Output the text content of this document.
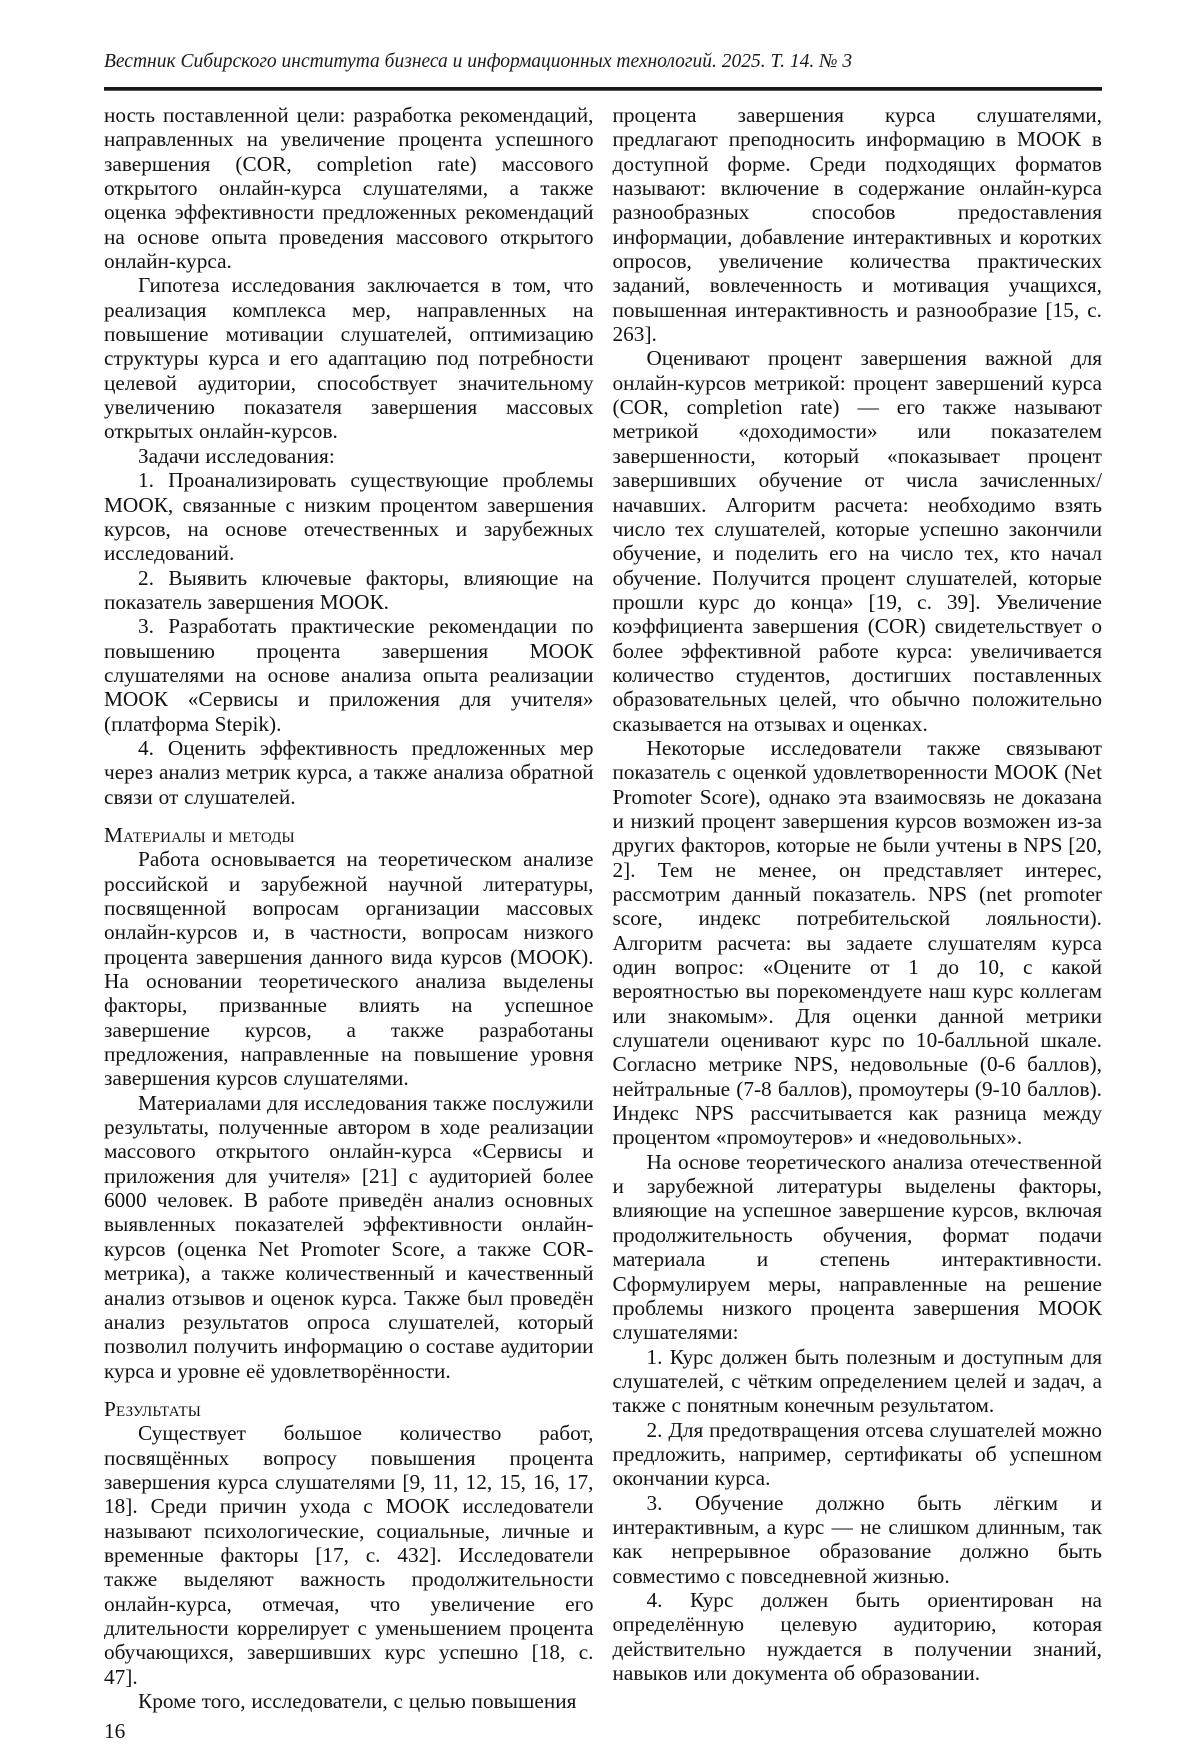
Вестник Сибирского института бизнеса и информационных технологий. 2025. Т. 14. № 3

ность поставленной цели: разработка рекомендаций, направленных на увеличение процента успешного завершения (COR, completion rate) массового открытого онлайн-курса слушателями, а также оценка эффективности предложенных рекомендаций на основе опыта проведения массового открытого онлайн-курса.

Гипотеза исследования заключается в том, что реализация комплекса мер, направленных на повышение мотивации слушателей, оптимизацию структуры курса и его адаптацию под потребности целевой аудитории, способствует значительному увеличению показателя завершения массовых открытых онлайн-курсов.

Задачи исследования:

1. Проанализировать существующие проблемы МООК, связанные с низким процентом завершения курсов, на основе отечественных и зарубежных исследований.

2. Выявить ключевые факторы, влияющие на показатель завершения МООК.

3. Разработать практические рекомендации по повышению процента завершения МООК слушателями на основе анализа опыта реализации МООК «Сервисы и приложения для учителя» (платформа Stepik).

4. Оценить эффективность предложенных мер через анализ метрик курса, а также анализа обратной связи от слушателей.

Материалы и методы

Работа основывается на теоретическом анализе российской и зарубежной научной литературы, посвященной вопросам организации массовых онлайн-курсов и, в частности, вопросам низкого процента завершения данного вида курсов (МООК). На основании теоретического анализа выделены факторы, призванные влиять на успешное завершение курсов, а также разработаны предложения, направленные на повышение уровня завершения курсов слушателями.

Материалами для исследования также послужили результаты, полученные автором в ходе реализации массового открытого онлайн-курса «Сервисы и приложения для учителя» [21] с аудиторией более 6000 человек. В работе приведён анализ основных выявленных показателей эффективности онлайн-курсов (оценка Net Promoter Score, а также COR-метрика), а также количественный и качественный анализ отзывов и оценок курса. Также был проведён анализ результатов опроса слушателей, который позволил получить информацию о составе аудитории курса и уровне её удовлетворённости.

Результаты

Существует большое количество работ, посвящённых вопросу повышения процента завершения курса слушателями [9, 11, 12, 15, 16, 17, 18]. Среди причин ухода с МООК исследователи называют психологические, социальные, личные и временные факторы [17, с. 432]. Исследователи также выделяют важность продолжительности онлайн-курса, отмечая, что увеличение его длительности коррелирует с уменьшением процента обучающихся, завершивших курс успешно [18, с. 47].

Кроме того, исследователи, с целью повышения

процента завершения курса слушателями, предлагают преподносить информацию в МООК в доступной форме. Среди подходящих форматов называют: включение в содержание онлайн-курса разнообразных способов предоставления информации, добавление интерактивных и коротких опросов, увеличение количества практических заданий, вовлеченность и мотивация учащихся, повышенная интерактивность и разнообразие [15, с. 263].

Оценивают процент завершения важной для онлайн-курсов метрикой: процент завершений курса (COR, completion rate) — его также называют метрикой «доходимости» или показателем завершенности, который «показывает процент завершивших обучение от числа зачисленных/начавших. Алгоритм расчета: необходимо взять число тех слушателей, которые успешно закончили обучение, и поделить его на число тех, кто начал обучение. Получится процент слушателей, которые прошли курс до конца» [19, с. 39]. Увеличение коэффициента завершения (COR) свидетельствует о более эффективной работе курса: увеличивается количество студентов, достигших поставленных образовательных целей, что обычно положительно сказывается на отзывах и оценках.

Некоторые исследователи также связывают показатель с оценкой удовлетворенности МООК (Net Promoter Score), однако эта взаимосвязь не доказана и низкий процент завершения курсов возможен из-за других факторов, которые не были учтены в NPS [20, 2]. Тем не менее, он представляет интерес, рассмотрим данный показатель. NPS (net promoter score, индекс потребительской лояльности). Алгоритм расчета: вы задаете слушателям курса один вопрос: «Оцените от 1 до 10, с какой вероятностью вы порекомендуете наш курс коллегам или знакомым». Для оценки данной метрики слушатели оценивают курс по 10-балльной шкале. Согласно метрике NPS, недовольные (0-6 баллов), нейтральные (7-8 баллов), промоутеры (9-10 баллов). Индекс NPS рассчитывается как разница между процентом «промоутеров» и «недовольных».

На основе теоретического анализа отечественной и зарубежной литературы выделены факторы, влияющие на успешное завершение курсов, включая продолжительность обучения, формат подачи материала и степень интерактивности. Сформулируем меры, направленные на решение проблемы низкого процента завершения МООК слушателями:

1. Курс должен быть полезным и доступным для слушателей, с чётким определением целей и задач, а также с понятным конечным результатом.

2. Для предотвращения отсева слушателей можно предложить, например, сертификаты об успешном окончании курса.

3. Обучение должно быть лёгким и интерактивным, а курс — не слишком длинным, так как непрерывное образование должно быть совместимо с повседневной жизнью.

4. Курс должен быть ориентирован на определённую целевую аудиторию, которая действительно нуждается в получении знаний, навыков или документа об образовании.

16
